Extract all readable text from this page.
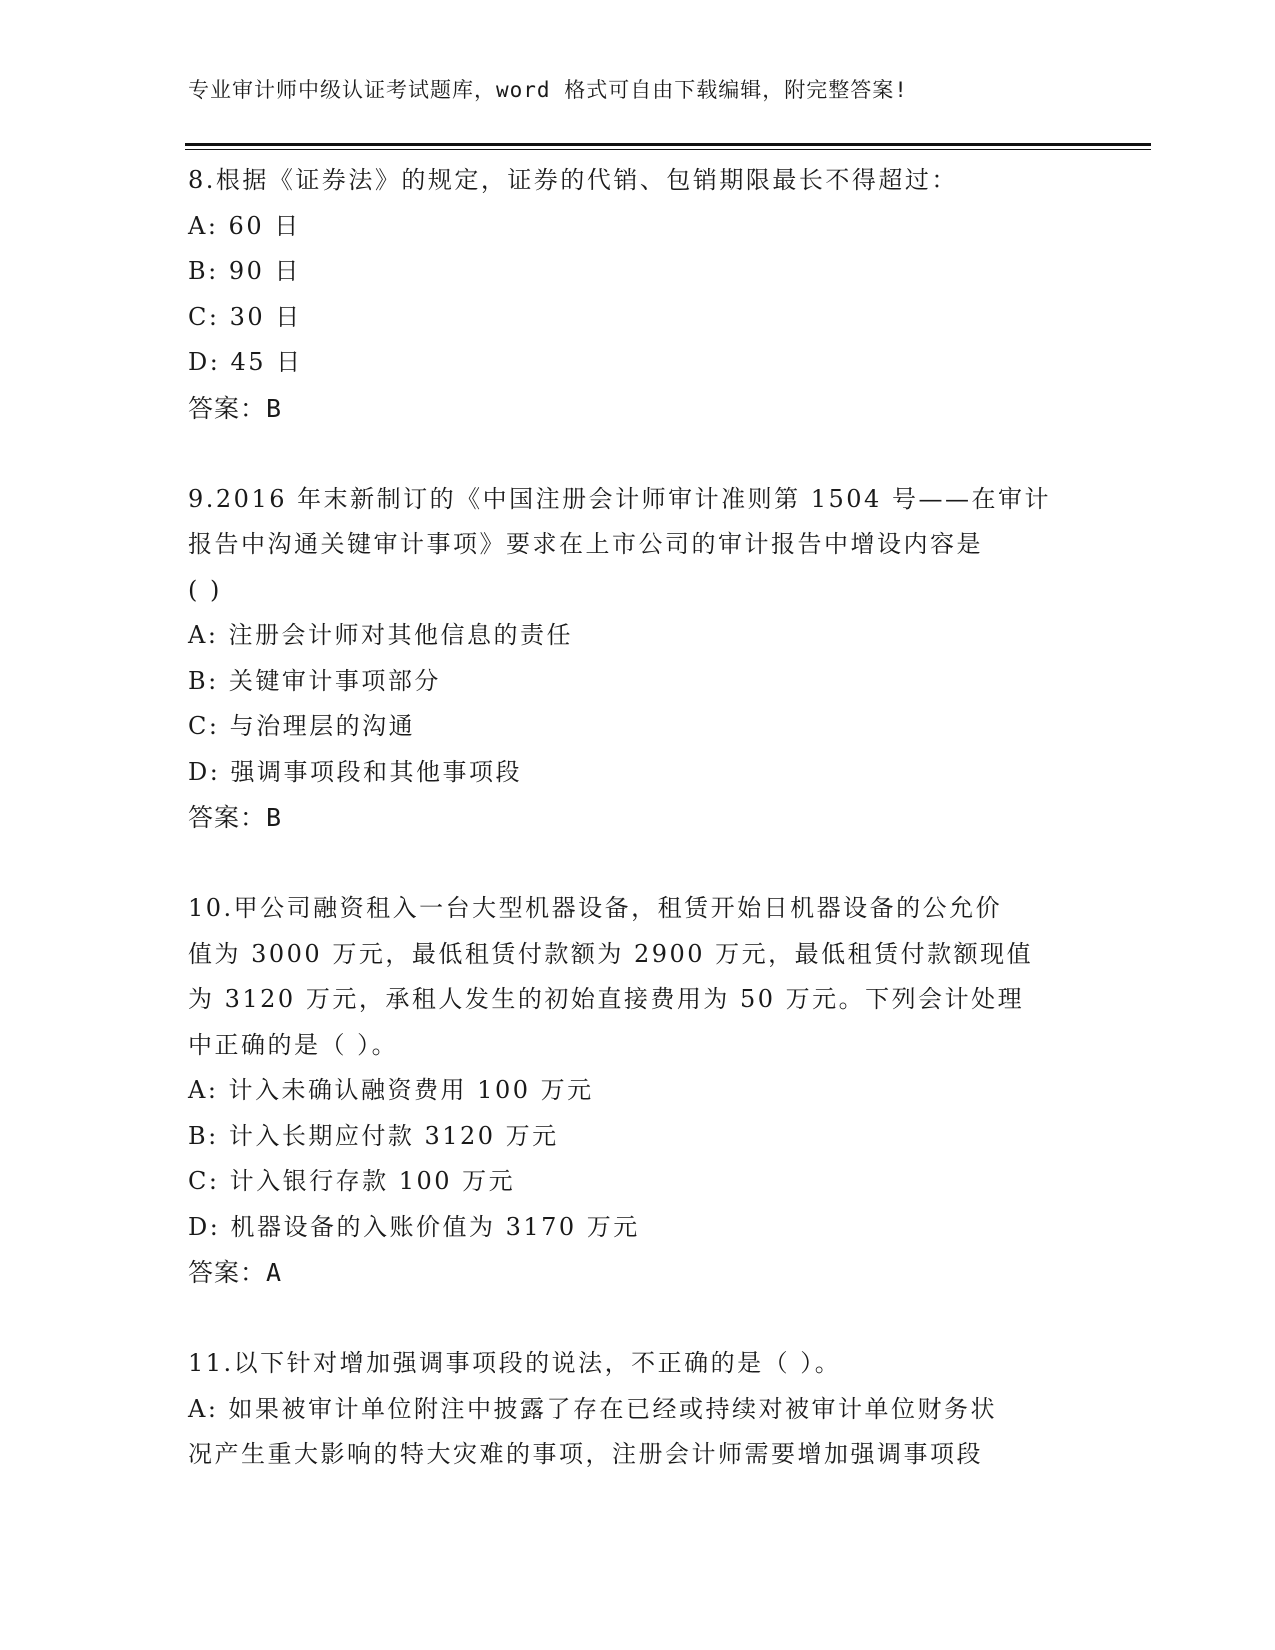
专业审计师中级认证考试题库，word 格式可自由下载编辑，附完整答案!
8.根据《证券法》的规定，证券的代销、包销期限最长不得超过：
A: 60 日
B: 90 日
C: 30 日
D: 45 日
答案：B
9.2016 年末新制订的《中国注册会计师审计准则第 1504 号——在审计
报告中沟通关键审计事项》要求在上市公司的审计报告中增设内容是
( )
A: 注册会计师对其他信息的责任
B: 关键审计事项部分
C: 与治理层的沟通
D: 强调事项段和其他事项段
答案：B
10.甲公司融资租入一台大型机器设备，租赁开始日机器设备的公允价
值为 3000 万元，最低租赁付款额为 2900 万元，最低租赁付款额现值
为 3120 万元，承租人发生的初始直接费用为 50 万元。下列会计处理
中正确的是（ ）。
A: 计入未确认融资费用 100 万元
B: 计入长期应付款 3120 万元
C: 计入银行存款 100 万元
D: 机器设备的入账价值为 3170 万元
答案：A
11.以下针对增加强调事项段的说法，不正确的是（ ）。
A: 如果被审计单位附注中披露了存在已经或持续对被审计单位财务状
况产生重大影响的特大灾难的事项，注册会计师需要增加强调事项段
